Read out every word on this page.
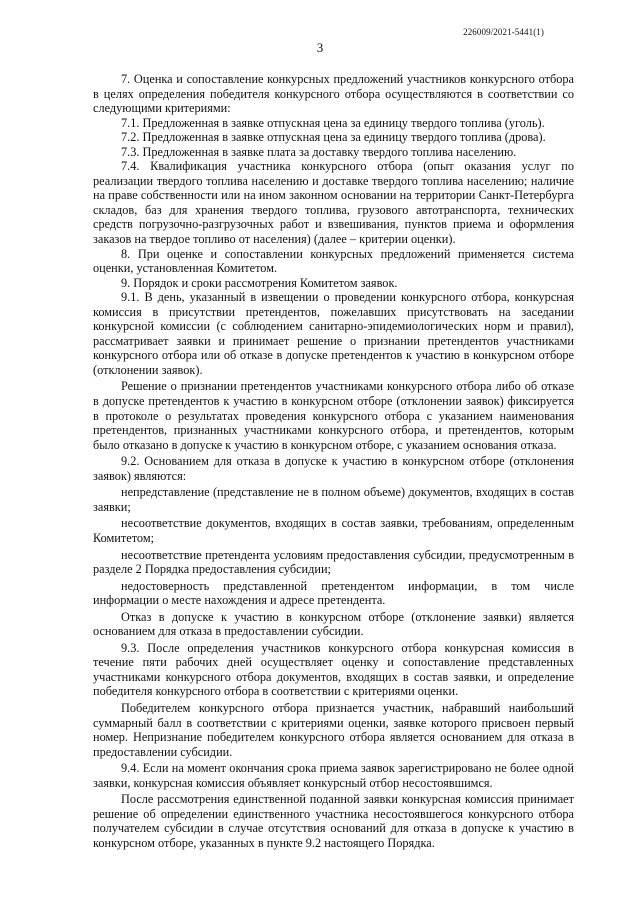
226009/2021-5441(1)
3

7. Оценка и сопоставление конкурсных предложений участников конкурсного отбора в целях определения победителя конкурсного отбора осуществляются в соответствии со следующими критериями:

7.1. Предложенная в заявке отпускная цена за единицу твердого топлива (уголь).

7.2. Предложенная в заявке отпускная цена за единицу твердого топлива (дрова).

7.3. Предложенная в заявке плата за доставку твердого топлива населению.

7.4. Квалификация участника конкурсного отбора (опыт оказания услуг по реализации твердого топлива населению и доставке твердого топлива населению; наличие на праве собственности или на ином законном основании на территории Санкт-Петербурга складов, баз для хранения твердого топлива, грузового автотранспорта, технических средств погрузочно-разгрузочных работ и взвешивания, пунктов приема и оформления заказов на твердое топливо от населения) (далее – критерии оценки).

8. При оценке и сопоставлении конкурсных предложений применяется система оценки, установленная Комитетом.

9. Порядок и сроки рассмотрения Комитетом заявок.

9.1. В день, указанный в извещении о проведении конкурсного отбора, конкурсная комиссия в присутствии претендентов, пожелавших присутствовать на заседании конкурсной комиссии (с соблюдением санитарно-эпидемиологических норм и правил), рассматривает заявки и принимает решение о признании претендентов участниками конкурсного отбора или об отказе в допуске претендентов к участию в конкурсном отборе (отклонении заявок).

Решение о признании претендентов участниками конкурсного отбора либо об отказе в допуске претендентов к участию в конкурсном отборе (отклонении заявок) фиксируется в протоколе о результатах проведения конкурсного отбора с указанием наименования претендентов, признанных участниками конкурсного отбора, и претендентов, которым было отказано в допуске к участию в конкурсном отборе, с указанием основания отказа.

9.2. Основанием для отказа в допуске к участию в конкурсном отборе (отклонения заявок) являются:

непредставление (представление не в полном объеме) документов, входящих в состав заявки;

несоответствие документов, входящих в состав заявки, требованиям, определенным Комитетом;

несоответствие претендента условиям предоставления субсидии, предусмотренным в разделе 2 Порядка предоставления субсидии;

недостоверность представленной претендентом информации, в том числе информации о месте нахождения и адресе претендента.

Отказ в допуске к участию в конкурсном отборе (отклонение заявки) является основанием для отказа в предоставлении субсидии.

9.3. После определения участников конкурсного отбора конкурсная комиссия в течение пяти рабочих дней осуществляет оценку и сопоставление представленных участниками конкурсного отбора документов, входящих в состав заявки, и определение победителя конкурсного отбора в соответствии с критериями оценки.

Победителем конкурсного отбора признается участник, набравший наибольший суммарный балл в соответствии с критериями оценки, заявке которого присвоен первый номер. Непризнание победителем конкурсного отбора является основанием для отказа в предоставлении субсидии.

9.4. Если на момент окончания срока приема заявок зарегистрировано не более одной заявки, конкурсная комиссия объявляет конкурсный отбор несостоявшимся.

После рассмотрения единственной поданной заявки конкурсная комиссия принимает решение об определении единственного участника несостоявшегося конкурсного отбора получателем субсидии в случае отсутствия оснований для отказа в допуске к участию в конкурсном отборе, указанных в пункте 9.2 настоящего Порядка.
